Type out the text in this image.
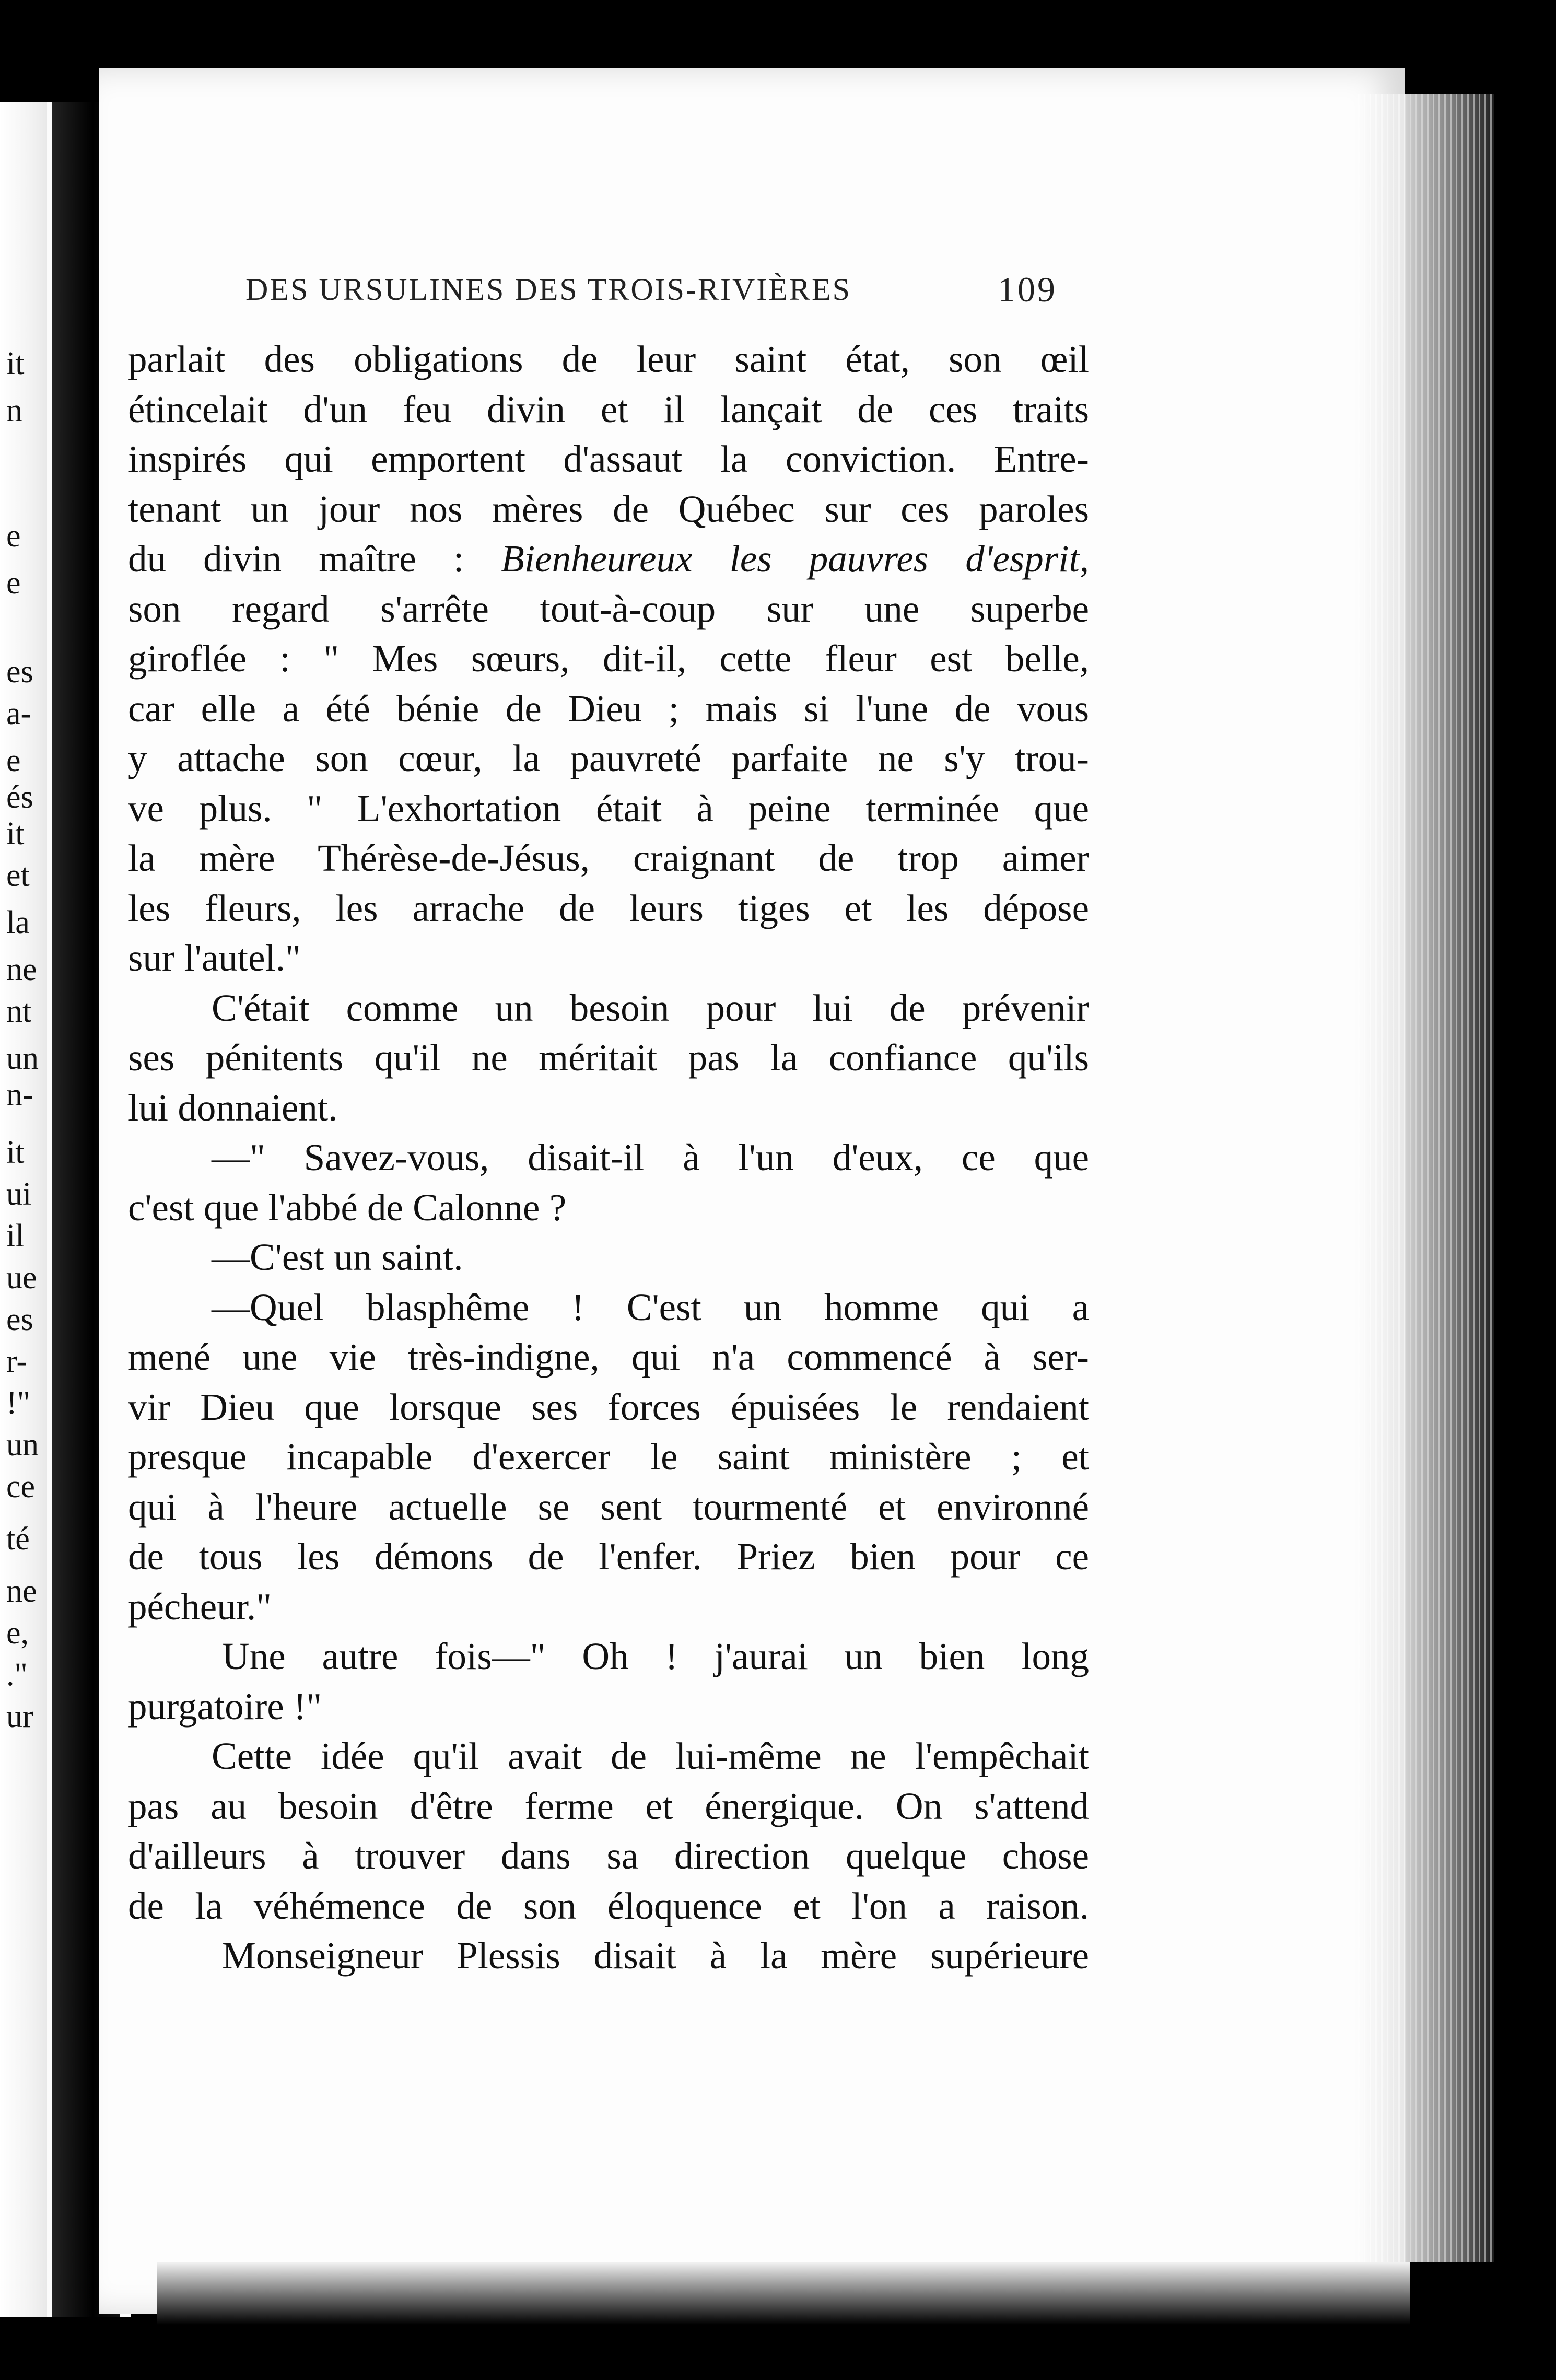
it
n
e
e
es
a-
e
és
it
et
la
ne
nt
un
n-
it
ui
il
ue
es
r-
!"
un
ce
té
ne
e,
."
ur
DES URSULINES DES TROIS-RIVIÈRES	109
parlait des obligations de leur saint état, son œil
étincelait d'un feu divin et il lançait de ces traits
inspirés qui emportent d'assaut la conviction. Entre-
tenant un jour nos mères de Québec sur ces paroles
du divin maître : Bienheureux les pauvres d'esprit,
son regard s'arrête tout-à-coup sur une superbe
giroflée : " Mes sœurs, dit-il, cette fleur est belle,
car elle a été bénie de Dieu ; mais si l'une de vous
y attache son cœur, la pauvreté parfaite ne s'y trou-
ve plus. " L'exhortation était à peine terminée que
la mère Thérèse-de-Jésus, craignant de trop aimer
les fleurs, les arrache de leurs tiges et les dépose
sur l'autel."
C'était comme un besoin pour lui de prévenir
ses pénitents qu'il ne méritait pas la confiance qu'ils
lui donnaient.
—" Savez-vous, disait-il à l'un d'eux, ce que
c'est que l'abbé de Calonne ?
—C'est un saint.
—Quel blasphême ! C'est un homme qui a
mené une vie très-indigne, qui n'a commencé à ser-
vir Dieu que lorsque ses forces épuisées le rendaient
presque incapable d'exercer le saint ministère ; et
qui à l'heure actuelle se sent tourmenté et environné
de tous les démons de l'enfer. Priez bien pour ce
pécheur."
Une autre fois—" Oh ! j'aurai un bien long
purgatoire !"
Cette idée qu'il avait de lui-même ne l'empêchait
pas au besoin d'être ferme et énergique. On s'attend
d'ailleurs à trouver dans sa direction quelque chose
de la véhémence de son éloquence et l'on a raison.
Monseigneur Plessis disait à la mère supérieure
